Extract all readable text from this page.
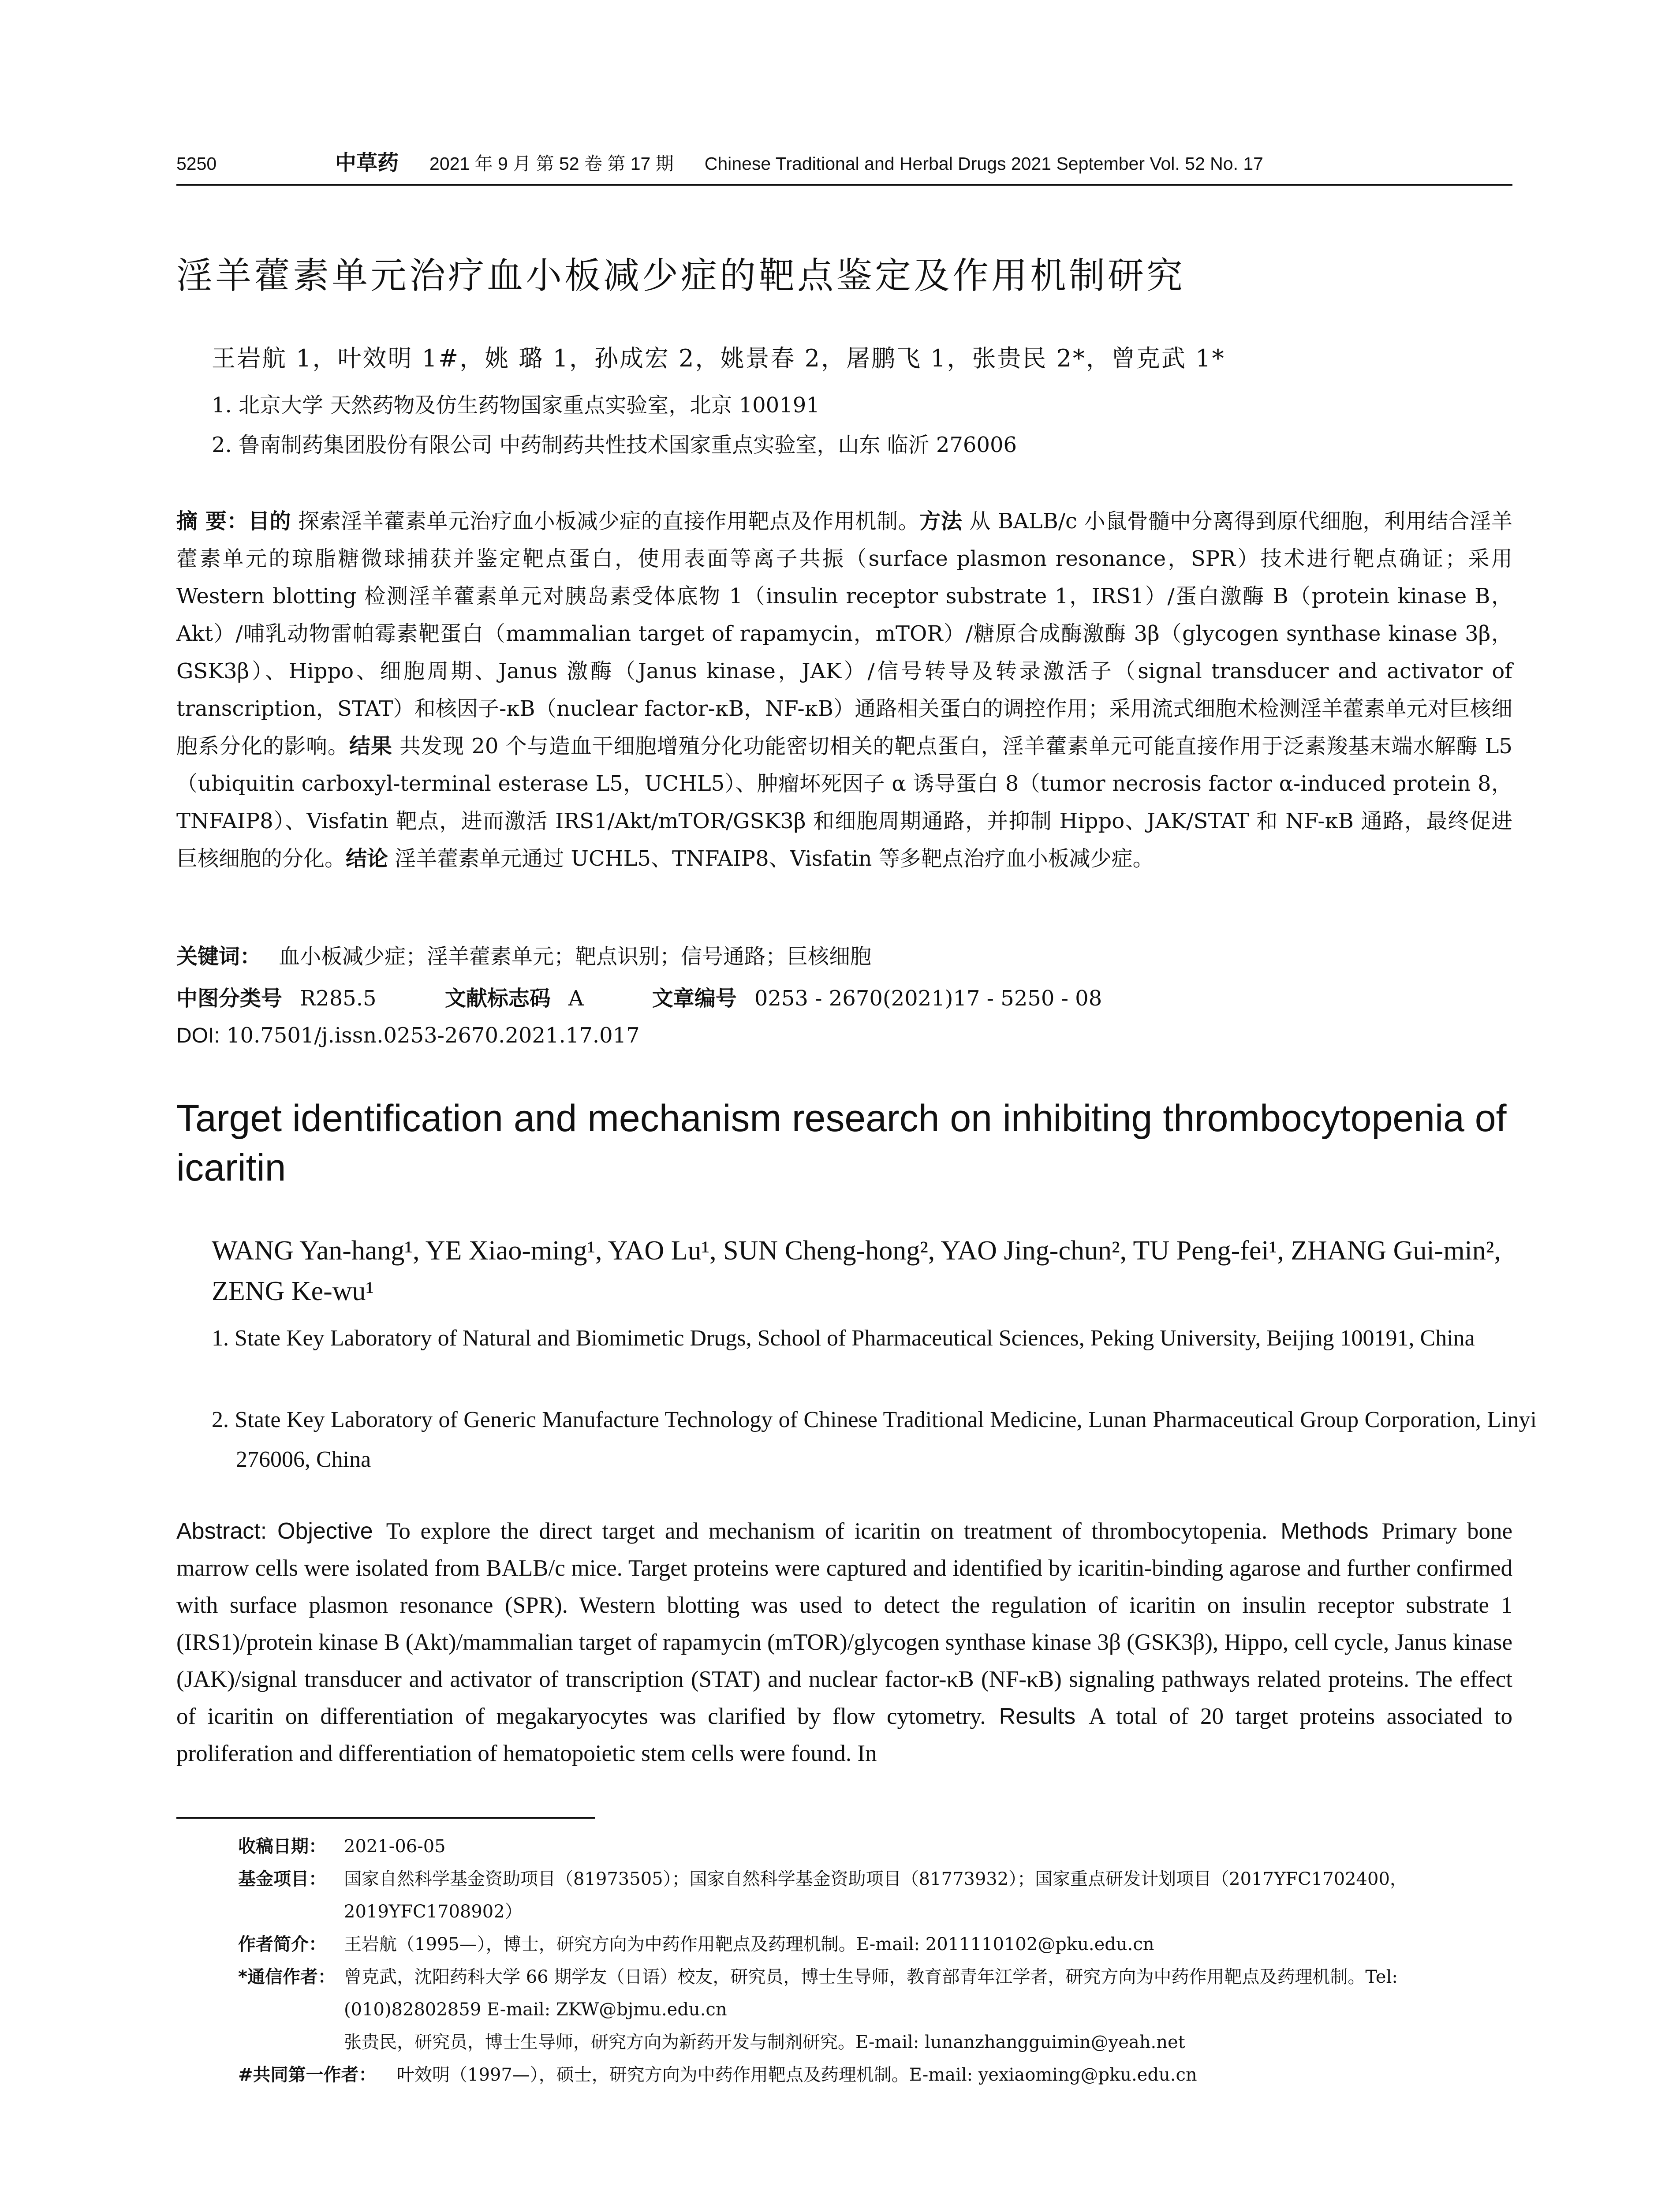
5250	中草药 2021 年 9 月 第 52 卷 第 17 期 Chinese Traditional and Herbal Drugs 2021 September Vol. 52 No. 17
淫羊藿素单元治疗血小板减少症的靶点鉴定及作用机制研究
王岩航 1，叶效明 1#，姚 璐 1，孙成宏 2，姚景春 2，屠鹏飞 1，张贵民 2*，曾克武 1*
1. 北京大学 天然药物及仿生药物国家重点实验室，北京 100191
2. 鲁南制药集团股份有限公司 中药制药共性技术国家重点实验室，山东 临沂 276006
摘 要：目的 探索淫羊藿素单元治疗血小板减少症的直接作用靶点及作用机制。方法 从 BALB/c 小鼠骨髓中分离得到原代细胞，利用结合淫羊藿素单元的琼脂糖微球捕获并鉴定靶点蛋白，使用表面等离子共振（surface plasmon resonance，SPR）技术进行靶点确证；采用 Western blotting 检测淫羊藿素单元对胰岛素受体底物 1（insulin receptor substrate 1，IRS1）/蛋白激酶 B（protein kinase B，Akt）/哺乳动物雷帕霉素靶蛋白（mammalian target of rapamycin，mTOR）/糖原合成酶激酶 3β（glycogen synthase kinase 3β，GSK3β）、Hippo、细胞周期、Janus 激酶（Janus kinase，JAK）/信号转导及转录激活子（signal transducer and activator of transcription，STAT）和核因子-κB（nuclear factor-κB，NF-κB）通路相关蛋白的调控作用；采用流式细胞术检测淫羊藿素单元对巨核细胞系分化的影响。结果 共发现 20 个与造血干细胞增殖分化功能密切相关的靶点蛋白，淫羊藿素单元可能直接作用于泛素羧基末端水解酶 L5（ubiquitin carboxyl-terminal esterase L5，UCHL5）、肿瘤坏死因子 α 诱导蛋白 8（tumor necrosis factor α-induced protein 8，TNFAIP8）、Visfatin 靶点，进而激活 IRS1/Akt/mTOR/GSK3β 和细胞周期通路，并抑制 Hippo、JAK/STAT 和 NF-κB 通路，最终促进巨核细胞的分化。结论 淫羊藿素单元通过 UCHL5、TNFAIP8、Visfatin 等多靶点治疗血小板减少症。
关键词： 血小板减少症；淫羊藿素单元；靶点识别；信号通路；巨核细胞
中图分类号 R285.5	文献标志码 A	文章编号 0253 - 2670(2021)17 - 5250 - 08
DOI: 10.7501/j.issn.0253-2670.2021.17.017
Target identification and mechanism research on inhibiting thrombocytopenia of icaritin
WANG Yan-hang¹, YE Xiao-ming¹, YAO Lu¹, SUN Cheng-hong², YAO Jing-chun², TU Peng-fei¹, ZHANG Gui-min², ZENG Ke-wu¹
1. State Key Laboratory of Natural and Biomimetic Drugs, School of Pharmaceutical Sciences, Peking University, Beijing 100191, China
2. State Key Laboratory of Generic Manufacture Technology of Chinese Traditional Medicine, Lunan Pharmaceutical Group Corporation, Linyi 276006, China
Abstract: Objective To explore the direct target and mechanism of icaritin on treatment of thrombocytopenia. Methods Primary bone marrow cells were isolated from BALB/c mice. Target proteins were captured and identified by icaritin-binding agarose and further confirmed with surface plasmon resonance (SPR). Western blotting was used to detect the regulation of icaritin on insulin receptor substrate 1 (IRS1)/protein kinase B (Akt)/mammalian target of rapamycin (mTOR)/glycogen synthase kinase 3β (GSK3β), Hippo, cell cycle, Janus kinase (JAK)/signal transducer and activator of transcription (STAT) and nuclear factor-κB (NF-κB) signaling pathways related proteins. The effect of icaritin on differentiation of megakaryocytes was clarified by flow cytometry. Results A total of 20 target proteins associated to proliferation and differentiation of hematopoietic stem cells were found. In
收稿日期：	2021-06-05
基金项目：	国家自然科学基金资助项目（81973505）；国家自然科学基金资助项目（81773932）；国家重点研发计划项目（2017YFC1702400，2019YFC1708902）
作者简介：	王岩航（1995—），博士，研究方向为中药作用靶点及药理机制。E-mail: 2011110102@pku.edu.cn
*通信作者： 曾克武，沈阳药科大学 66 期学友（日语）校友，研究员，博士生导师，教育部青年江学者，研究方向为中药作用靶点及药理机制。Tel: (010)82802859 E-mail: ZKW@bjmu.edu.cn
张贵民，研究员，博士生导师，研究方向为新药开发与制剂研究。E-mail: lunanzhangguimin@yeah.net
#共同第一作者：	叶效明（1997—），硕士，研究方向为中药作用靶点及药理机制。E-mail: yexiaoming@pku.edu.cn
